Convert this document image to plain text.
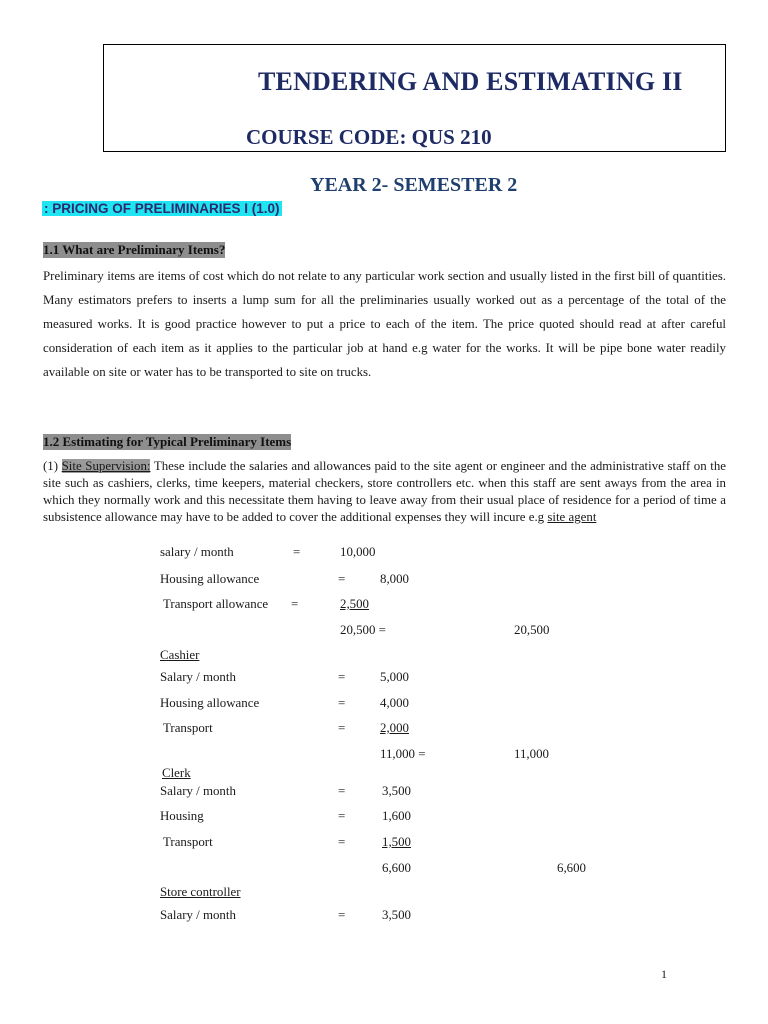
TENDERING AND ESTIMATING II
COURSE CODE: QUS 210
YEAR 2- SEMESTER 2
: PRICING OF PRELIMINARIES I (1.0)
1.1 What are Preliminary Items?
Preliminary items are items of cost which do not relate to any particular work section and usually listed in the first bill of quantities. Many estimators prefers to inserts a lump sum for all the preliminaries usually worked out as a percentage of the total of the measured works. It is good practice however to put a price to each of the item. The price quoted should read at after careful consideration of each item as it applies to the particular job at hand e.g water for the works. It will be pipe bone water readily available on site or water has to be transported to site on trucks.
1.2 Estimating for Typical Preliminary Items
(1) Site Supervision: These include the salaries and allowances paid to the site agent or engineer and the administrative staff on the site such as cashiers, clerks, time keepers, material checkers, store controllers etc. when this staff are sent aways from the area in which they normally work and this necessitate them having to leave away from their usual place of residence for a period of time a subsistence allowance may have to be added to cover the additional expenses they will incure e.g site agent
salary / month	=	10,000
Housing allowance	=	8,000
Transport allowance =	2,500
20,500 =	20,500
Cashier
Salary / month	=	5,000
Housing allowance	=	4,000
Transport	=	2,000
11,000 =	11,000
Clerk
Salary / month	=	3,500
Housing	=	1,600
Transport	=	1,500
6,600	6,600
Store controller
Salary / month	=	3,500
1
